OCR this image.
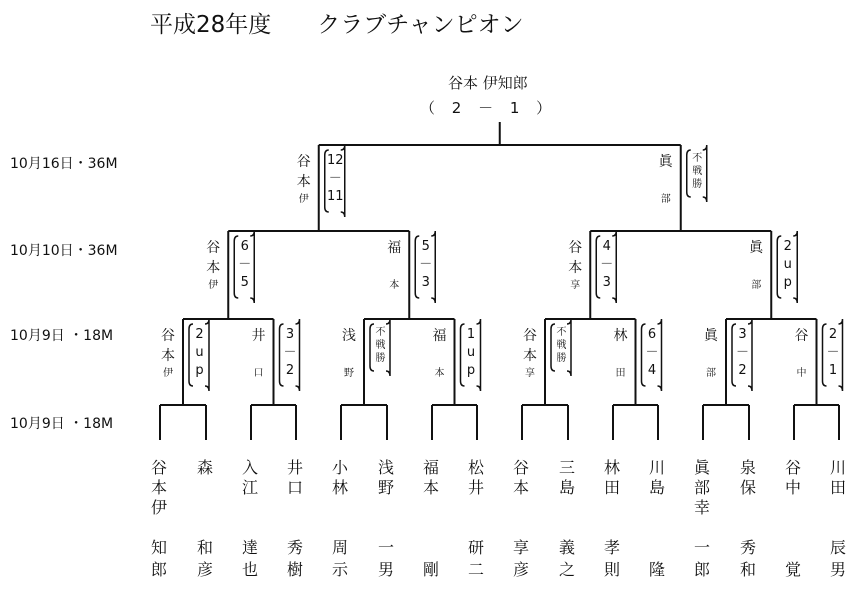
平成28年度　　クラブチャンピオン
谷本 伊知郎
（ 2 － 1 ）
10月16日・36M
10月10日・36M
10月9日 ・18M
10月9日 ・18M
谷
本
伊
知
郎
森
和
彦
入
江
達
也
井
口
秀
樹
小
林
周
示
浅
野
一
男
福
本
剛
松
井
研
二
谷
本
享
彦
三
島
義
之
林
田
孝
則
川
島
隆
眞
部
幸
一
郎
泉
保
秀
和
谷
中
覚
川
田
辰
男
谷
本
伊
2
u
p
井
口
3
－
2
浅
野
不
戦
勝
福
本
1
u
p
谷
本
享
不
戦
勝
林
田
6
－
4
眞
部
3
－
2
谷
中
2
－
1
谷
本
伊
6
－
5
福
本
5
－
3
谷
本
享
4
－
3
眞
部
2
u
p
谷
本
伊
12
－
11
眞
部
不
戦
勝
